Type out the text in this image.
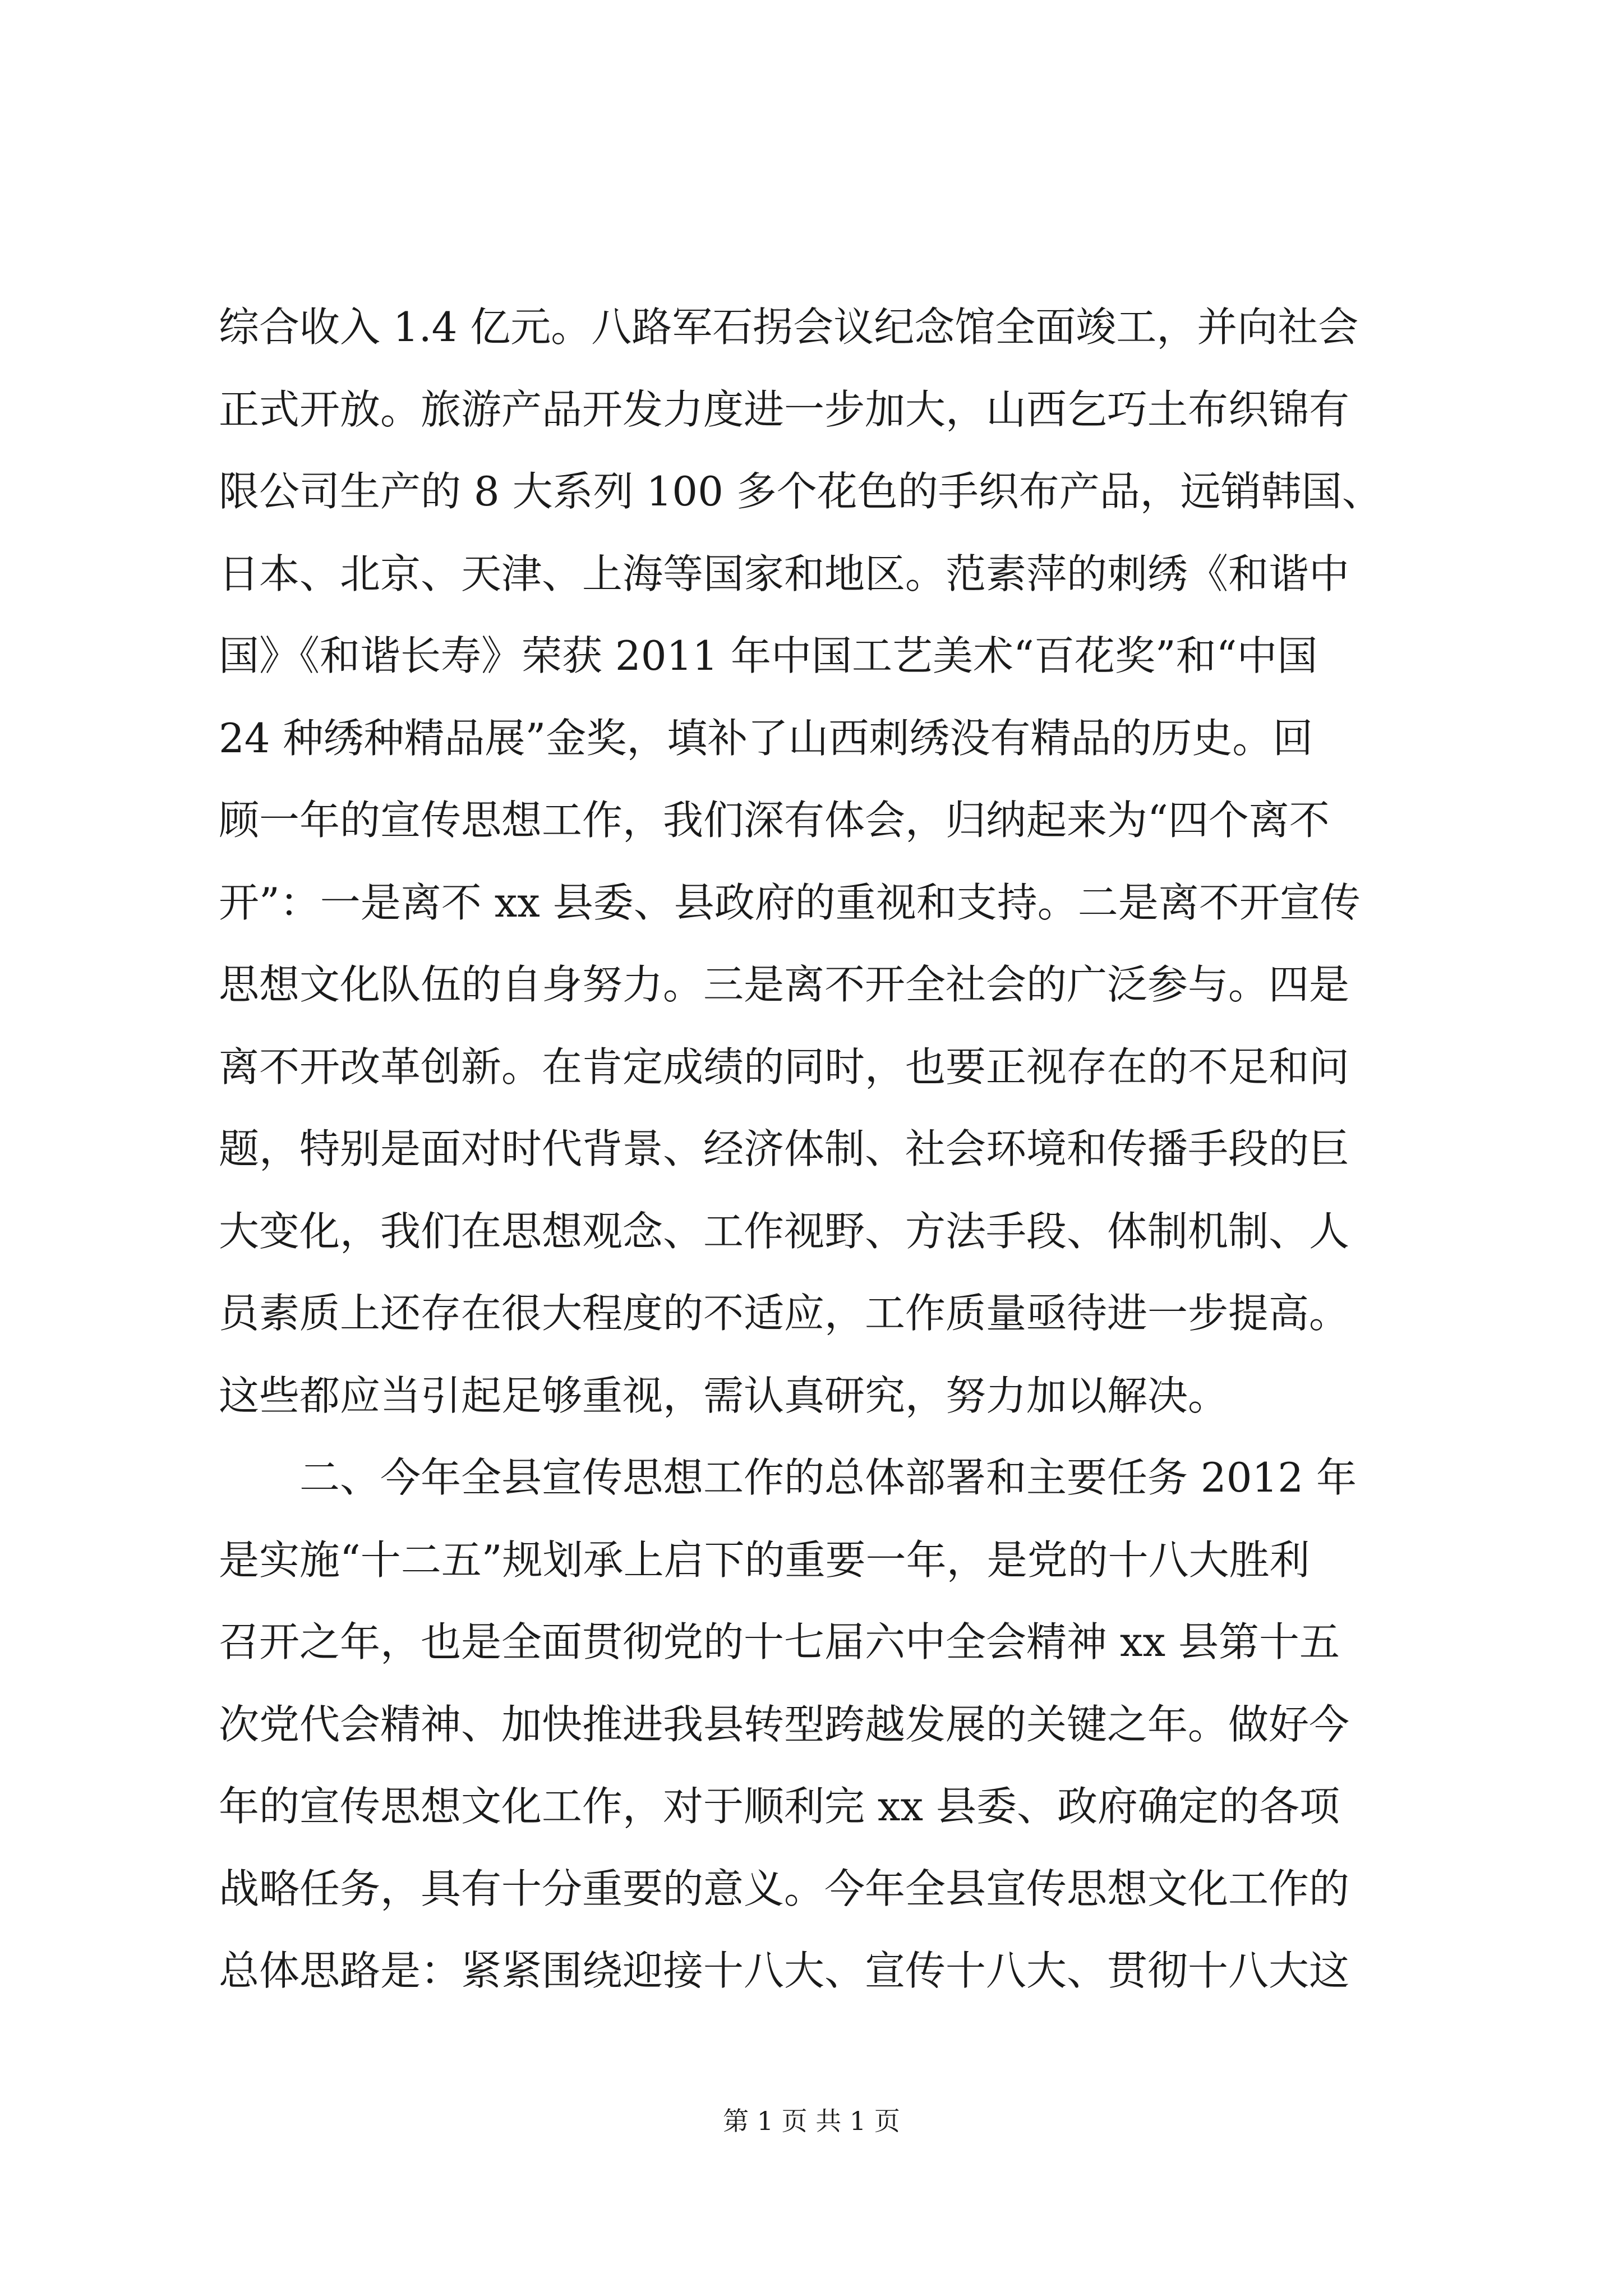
综合收入 1.4 亿元。八路军石拐会议纪念馆全面竣工，并向社会
正式开放。旅游产品开发力度进一步加大，山西乞巧土布织锦有
限公司生产的 8 大系列 100 多个花色的手织布产品，远销韩国、
日本、北京、天津、上海等国家和地区。范素萍的刺绣《和谐中
国》《和谐长寿》荣获 2011 年中国工艺美术“百花奖”和“中国
24 种绣种精品展”金奖，填补了山西刺绣没有精品的历史。回
顾一年的宣传思想工作，我们深有体会，归纳起来为“四个离不
开”：一是离不 xx 县委、县政府的重视和支持。二是离不开宣传
思想文化队伍的自身努力。三是离不开全社会的广泛参与。四是
离不开改革创新。在肯定成绩的同时，也要正视存在的不足和问
题，特别是面对时代背景、经济体制、社会环境和传播手段的巨
大变化，我们在思想观念、工作视野、方法手段、体制机制、人
员素质上还存在很大程度的不适应，工作质量亟待进一步提高。
这些都应当引起足够重视，需认真研究，努力加以解决。
二、今年全县宣传思想工作的总体部署和主要任务 2012 年
是实施“十二五”规划承上启下的重要一年，是党的十八大胜利
召开之年，也是全面贯彻党的十七届六中全会精神 xx 县第十五
次党代会精神、加快推进我县转型跨越发展的关键之年。做好今
年的宣传思想文化工作，对于顺利完 xx 县委、政府确定的各项
战略任务，具有十分重要的意义。今年全县宣传思想文化工作的
总体思路是：紧紧围绕迎接十八大、宣传十八大、贯彻十八大这
第 1 页 共 1 页
